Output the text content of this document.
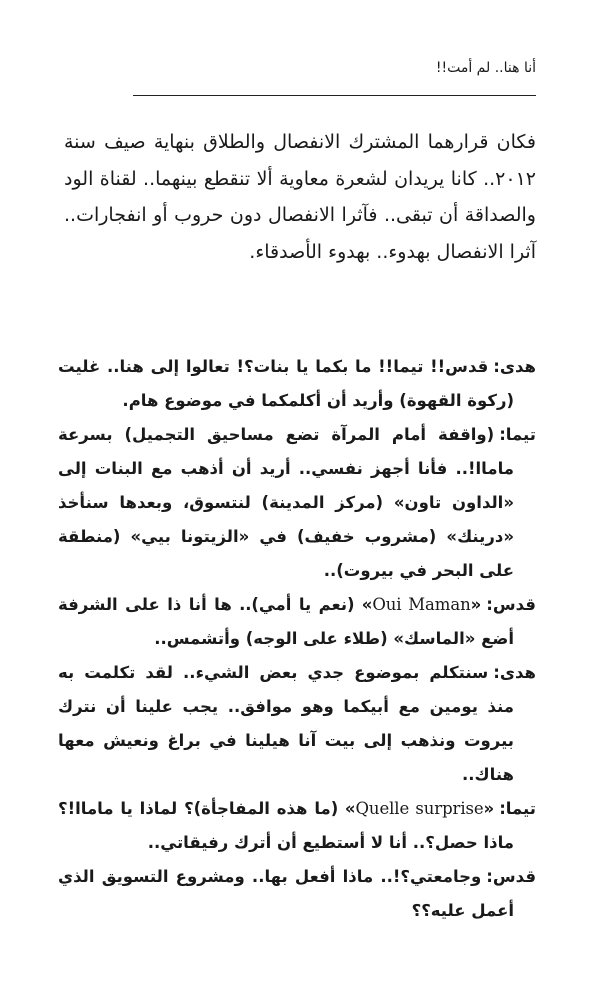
أنا هنا.. لم أمت!!

فكان قرارهما المشترك الانفصال والطلاق بنهاية صيف سنة ٢٠١٢.. كانا يريدان لشعرة معاوية ألا تنقطع بينهما.. لقناة الود والصداقة أن تبقى.. فآثرا الانفصال دون حروب أو انفجارات.. آثرا الانفصال بهدوء.. بهدوء الأصدقاء.

هدى:قدس!! تيما!! ما بكما يا بنات؟! تعالوا إلى هنا.. غليت (ركوة القهوة) وأريد أن أكلمكما في موضوع هام.

تيما:(واقفة أمام المرآة تضع مساحيق التجميل) بسرعة ماماا!.. فأنا أجهز نفسي.. أريد أن أذهب مع البنات إلى «الداون تاون» (مركز المدينة) لنتسوق، وبعدها سنأخذ «درينك» (مشروب خفيف) في «الزيتونا بيي» (منطقة على البحر في بيروت)..

قدس:«Oui Maman» (نعم يا أمي).. ها أنا ذا على الشرفة أضع «الماسك» (طلاء على الوجه) وأتشمس..

هدى:سنتكلم بموضوع جدي بعض الشيء.. لقد تكلمت به منذ يومين مع أبيكما وهو موافق.. يجب علينا أن نترك بيروت ونذهب إلى بيت آنا هيلينا في براغ ونعيش معها هناك..

تيما:«Quelle surprise» (ما هذه المفاجأة)؟ لماذا يا ماماا!؟ماذا حصل؟.. أنا لا أستطيع أن أترك رفيقاتي..

قدس:وجامعتي؟!.. ماذا أفعل بها.. ومشروع التسويق الذي أعمل عليه؟؟
